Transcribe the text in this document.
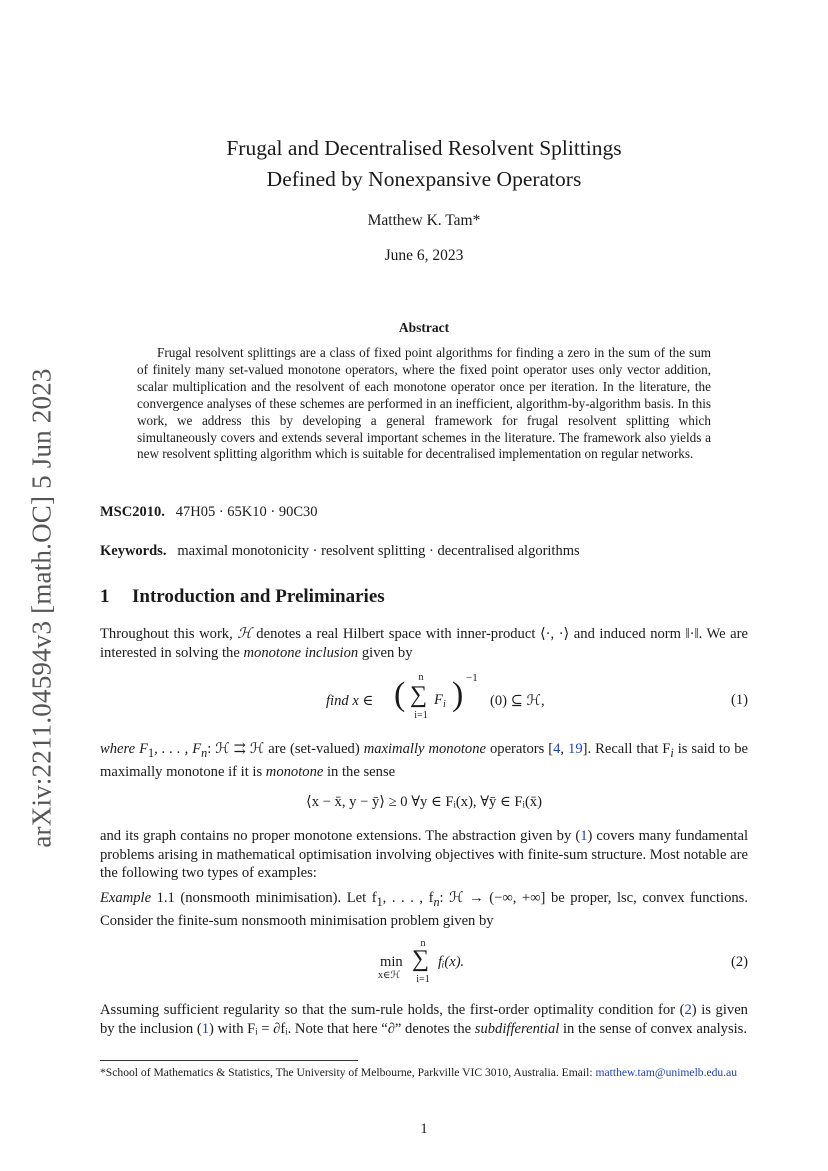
arXiv:2211.04594v3 [math.OC] 5 Jun 2023
Frugal and Decentralised Resolvent Splittings
Defined by Nonexpansive Operators
Matthew K. Tam*
June 6, 2023
Abstract
Frugal resolvent splittings are a class of fixed point algorithms for finding a zero in the sum of the sum of finitely many set-valued monotone operators, where the fixed point operator uses only vector addition, scalar multiplication and the resolvent of each monotone operator once per iteration. In the literature, the convergence analyses of these schemes are performed in an inefficient, algorithm-by-algorithm basis. In this work, we address this by developing a general framework for frugal resolvent splitting which simultaneously covers and extends several important schemes in the literature. The framework also yields a new resolvent splitting algorithm which is suitable for decentralised implementation on regular networks.
MSC2010. 47H05 · 65K10 · 90C30
Keywords. maximal monotonicity · resolvent splitting · decentralised algorithms
1 Introduction and Preliminaries
Throughout this work, ℋ denotes a real Hilbert space with inner-product ⟨·, ·⟩ and induced norm ‖·‖. We are interested in solving the monotone inclusion given by
find x ∈ (	n
∑
i=1
F i ) −1
(0) ⊆ ℋ,	(1)
where $F_1$, . . . , $F_n$: ℋ ⇉ ℋ are (set-valued) maximally monotone operators [4, 19]. Recall that $F_i$ is said to be maximally monotone if it is monotone in the sense
⟨x − x̄, y − ȳ⟩ ≥ 0 ∀y ∈ Fᵢ(x), ∀ȳ ∈ Fᵢ(x̄)
and its graph contains no proper monotone extensions. The abstraction given by (1) covers many fundamental problems arising in mathematical optimisation involving objectives with finite-sum structure. Most notable are the following two types of examples:
Example 1.1 (nonsmooth minimisation). Let $f_1$, . . . , $f_n$: ℋ → (−∞, +∞] be proper, lsc, convex functions. Consider the finite-sum nonsmooth minimisation problem given by
min
x∈ℋ
n
∑
i=1
fᵢ(x).	(2)
Assuming sufficient regularity so that the sum-rule holds, the first-order optimality condition for (2) is given by the inclusion (1) with Fᵢ = ∂fᵢ. Note that here “∂” denotes the subdifferential in the sense of convex analysis.
*School of Mathematics & Statistics, The University of Melbourne, Parkville VIC 3010, Australia. Email: matthew.tam@unimelb.edu.au
1
